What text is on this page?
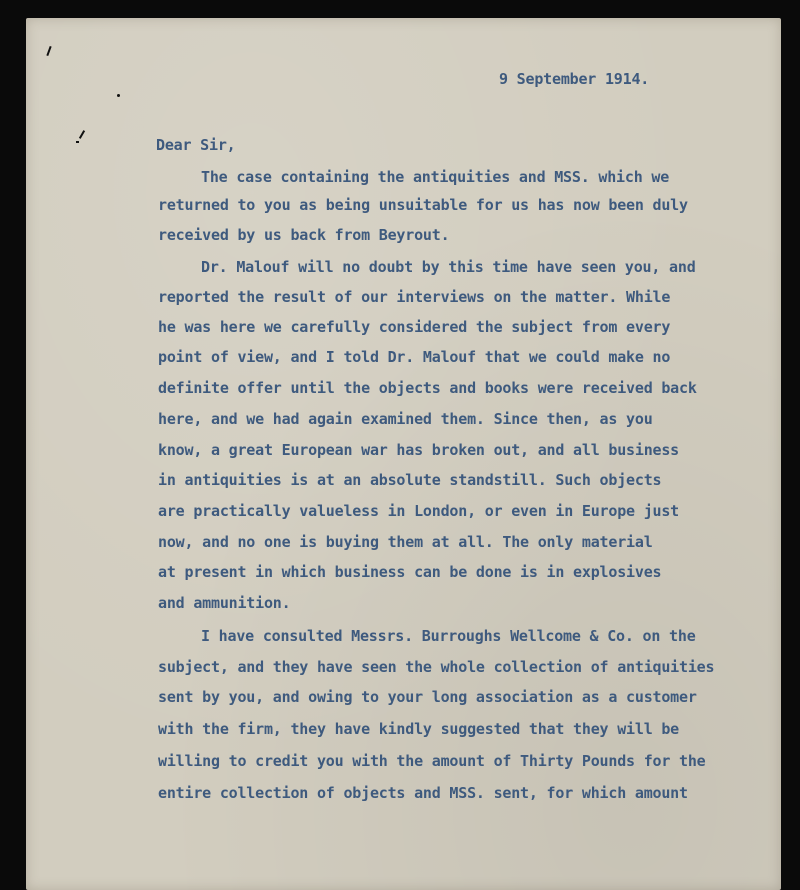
9 September 1914.
Dear Sir,
The case containing the antiquities and MSS. which we
returned to you as being unsuitable for us has now been duly
received by us back from Beyrout.
Dr. Malouf will no doubt by this time have seen you, and
reported the result of our interviews on the matter. While
he was here we carefully considered the subject from every
point of view, and I told Dr. Malouf that we could make no
definite offer until the objects and books were received back
here, and we had again examined them. Since then, as you
know, a great European war has broken out, and all business
in antiquities is at an absolute standstill. Such objects
are practically valueless in London, or even in Europe just
now, and no one is buying them at all. The only material
at present in which business can be done is in explosives
and ammunition.
I have consulted Messrs. Burroughs Wellcome & Co. on the
subject, and they have seen the whole collection of antiquities
sent by you, and owing to your long association as a customer
with the firm, they have kindly suggested that they will be
willing to credit you with the amount of Thirty Pounds for the
entire collection of objects and MSS. sent, for which amount
